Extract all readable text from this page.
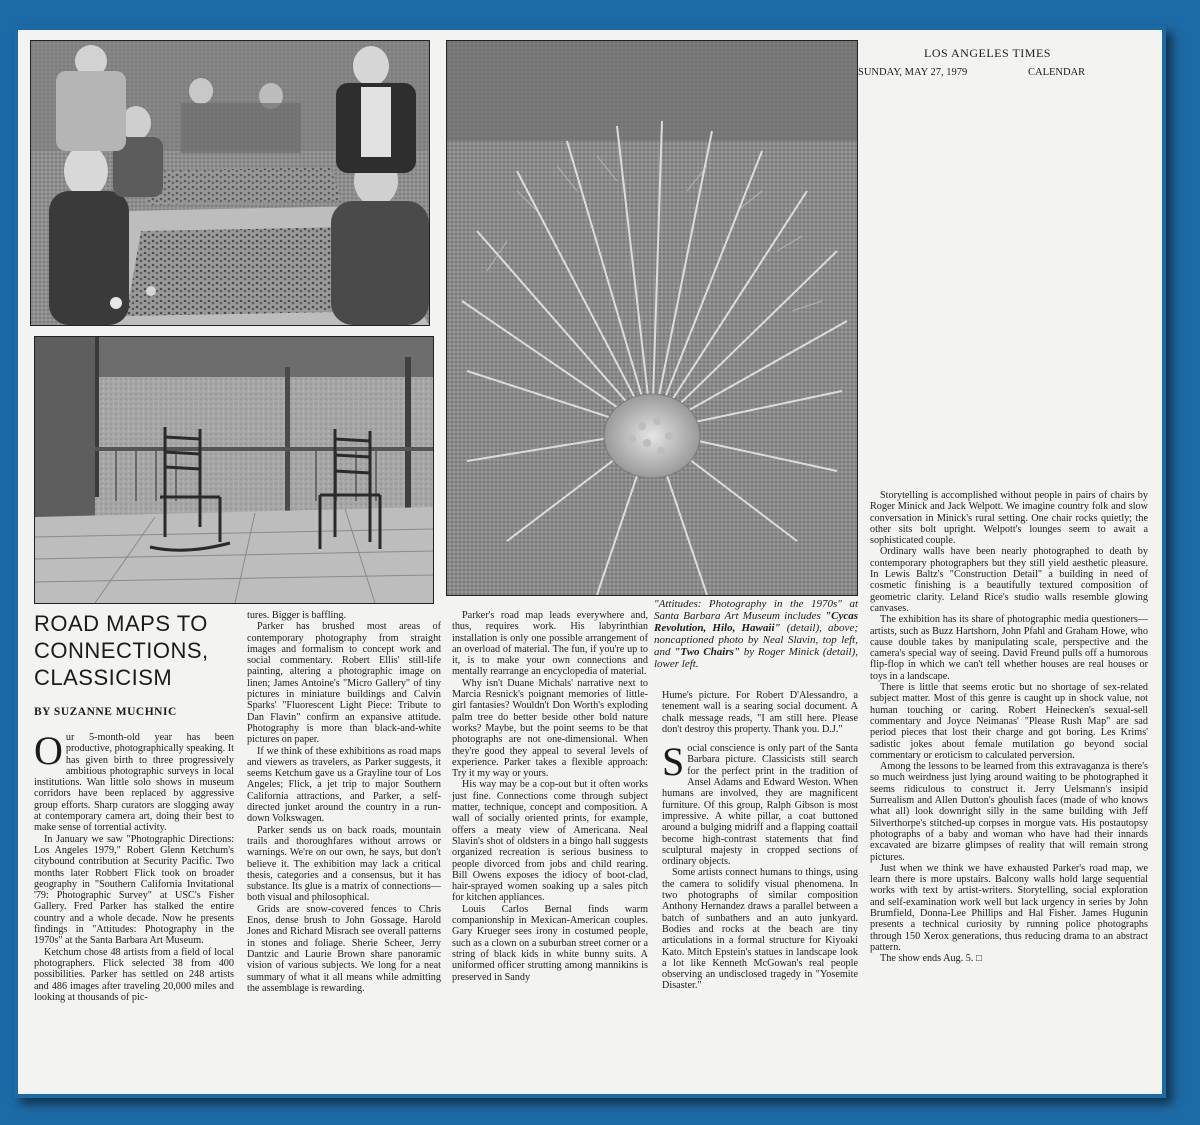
LOS ANGELES TIMES
SUNDAY, MAY 27, 1979	CALENDAR
ROAD MAPS TO
CONNECTIONS,
CLASSICISM
BY SUZANNE MUCHNIC

Our 5-month-old year has been productive, photographically speaking. It has given birth to three progressively ambitious photographic surveys in local institutions. Wan little solo shows in museum corridors have been replaced by aggressive group efforts. Sharp curators are slogging away at contemporary camera art, doing their best to make sense of torrential activity.

In January we saw "Photographic Directions: Los Angeles 1979," Robert Glenn Ketchum's citybound contribution at Security Pacific. Two months later Robbert Flick took on broader geography in "Southern California Invitational '79: Photographic Survey" at USC's Fisher Gallery. Fred Parker has stalked the entire country and a whole decade. Now he presents findings in "Attitudes: Photography in the 1970s" at the Santa Barbara Art Museum.

Ketchum chose 48 artists from a field of local photographers. Flick selected 38 from 400 possibilities. Parker has settled on 248 artists and 486 images after traveling 20,000 miles and looking at thousands of pic-

tures. Bigger is baffling.

Parker has brushed most areas of contemporary photography from straight images and formalism to concept work and social commentary. Robert Ellis' still-life painting, altering a photographic image on linen; James Antoine's "Micro Gallery" of tiny pictures in miniature buildings and Calvin Sparks' "Fluorescent Light Piece: Tribute to Dan Flavin" confirm an expansive attitude. Photography is more than black-and-white pictures on paper.

If we think of these exhibitions as road maps and viewers as travelers, as Parker suggests, it seems Ketchum gave us a Grayline tour of Los Angeles; Flick, a jet trip to major Southern California attractions, and Parker, a self-directed junket around the country in a run-down Volkswagen.

Parker sends us on back roads, mountain trails and thoroughfares without arrows or warnings. We're on our own, he says, but don't believe it. The exhibition may lack a critical thesis, categories and a consensus, but it has substance. Its glue is a matrix of connections—both visual and philosophical.

Grids are snow-covered fences to Chris Enos, dense brush to John Gossage. Harold Jones and Richard Misrach see overall patterns in stones and foliage. Sherie Scheer, Jerry Dantzic and Laurie Brown share panoramic vision of various subjects. We long for a neat summary of what it all means while admitting the assemblage is rewarding.

Parker's road map leads everywhere and, thus, requires work. His labyrinthian installation is only one possible arrangement of an overload of material. The fun, if you're up to it, is to make your own connections and mentally rearrange an encyclopedia of material.

Why isn't Duane Michals' narrative next to Marcia Resnick's poignant memories of little-girl fantasies? Wouldn't Don Worth's exploding palm tree do better beside other bold nature works? Maybe, but the point seems to be that photographs are not one-dimensional. When they're good they appeal to several levels of experience. Parker takes a flexible approach: Try it my way or yours.

His way may be a cop-out but it often works just fine. Connections come through subject matter, technique, concept and composition. A wall of socially oriented prints, for example, offers a meaty view of Americana. Neal Slavin's shot of oldsters in a bingo hall suggests organized recreation is serious business to people divorced from jobs and child rearing. Bill Owens exposes the idiocy of boot-clad, hair-sprayed women soaking up a sales pitch for kitchen appliances.

Louis Carlos Bernal finds warm companionship in Mexican-American couples. Gary Krueger sees irony in costumed people, such as a clown on a suburban street corner or a string of black kids in white bunny suits. A uniformed officer strutting among mannikins is preserved in Sandy

"Attitudes: Photography in the 1970s" at Santa Barbara Art Museum includes "Cycas Revolution, Hilo, Hawaii" (detail), above; noncaptioned photo by Neal Slavin, top left, and "Two Chairs" by Roger Minick (detail), lower left.

Hume's picture. For Robert D'Alessandro, a tenement wall is a searing social document. A chalk message reads, "I am still here. Please don't destroy this property. Thank you. D.J."

Social conscience is only part of the Santa Barbara picture. Classicists still search for the perfect print in the tradition of Ansel Adams and Edward Weston. When humans are involved, they are magnificent furniture. Of this group, Ralph Gibson is most impressive. A white pillar, a coat buttoned around a bulging midriff and a flapping coattail become high-contrast statements that find sculptural majesty in cropped sections of ordinary objects.

Some artists connect humans to things, using the camera to solidify visual phenomena. In two photographs of similar composition Anthony Hernandez draws a parallel between a batch of sunbathers and an auto junkyard. Bodies and rocks at the beach are tiny articulations in a formal structure for Kiyoaki Kato. Mitch Epstein's statues in landscape look a lot like Kenneth McGowan's real people observing an undisclosed tragedy in "Yosemite Disaster."

Storytelling is accomplished without people in pairs of chairs by Roger Minick and Jack Welpott. We imagine country folk and slow conversation in Minick's rural setting. One chair rocks quietly; the other sits bolt upright. Welpott's lounges seem to await a sophisticated couple.

Ordinary walls have been nearly photographed to death by contemporary photographers but they still yield aesthetic pleasure. In Lewis Baltz's "Construction Detail" a building in need of cosmetic finishing is a beautifully textured composition of geometric clarity. Leland Rice's studio walls resemble glowing canvases.

The exhibition has its share of photographic media questioners—artists, such as Buzz Hartshorn, John Pfahl and Graham Howe, who cause double takes by manipulating scale, perspective and the camera's special way of seeing. David Freund pulls off a humorous flip-flop in which we can't tell whether houses are real houses or toys in a landscape.

There is little that seems erotic but no shortage of sex-related subject matter. Most of this genre is caught up in shock value, not human touching or caring. Robert Heinecken's sexual-sell commentary and Joyce Neimanas' "Please Rush Map" are sad period pieces that lost their charge and got boring. Les Krims' sadistic jokes about female mutilation go beyond social commentary or eroticism to calculated perversion.

Among the lessons to be learned from this extravaganza is there's so much weirdness just lying around waiting to be photographed it seems ridiculous to construct it. Jerry Uelsmann's insipid Surrealism and Allen Dutton's ghoulish faces (made of who knows what all) look downright silly in the same building with Jeff Silverthorpe's stitched-up corpses in morgue vats. His postautopsy photographs of a baby and woman who have had their innards excavated are bizarre glimpses of reality that will remain strong pictures.

Just when we think we have exhausted Parker's road map, we learn there is more upstairs. Balcony walls hold large sequential works with text by artist-writers. Storytelling, social exploration and self-examination work well but lack urgency in series by John Brumfield, Donna-Lee Phillips and Hal Fisher. James Hugunin presents a technical curiosity by running police photographs through 150 Xerox generations, thus reducing drama to an abstract pattern.

The show ends Aug. 5. □
